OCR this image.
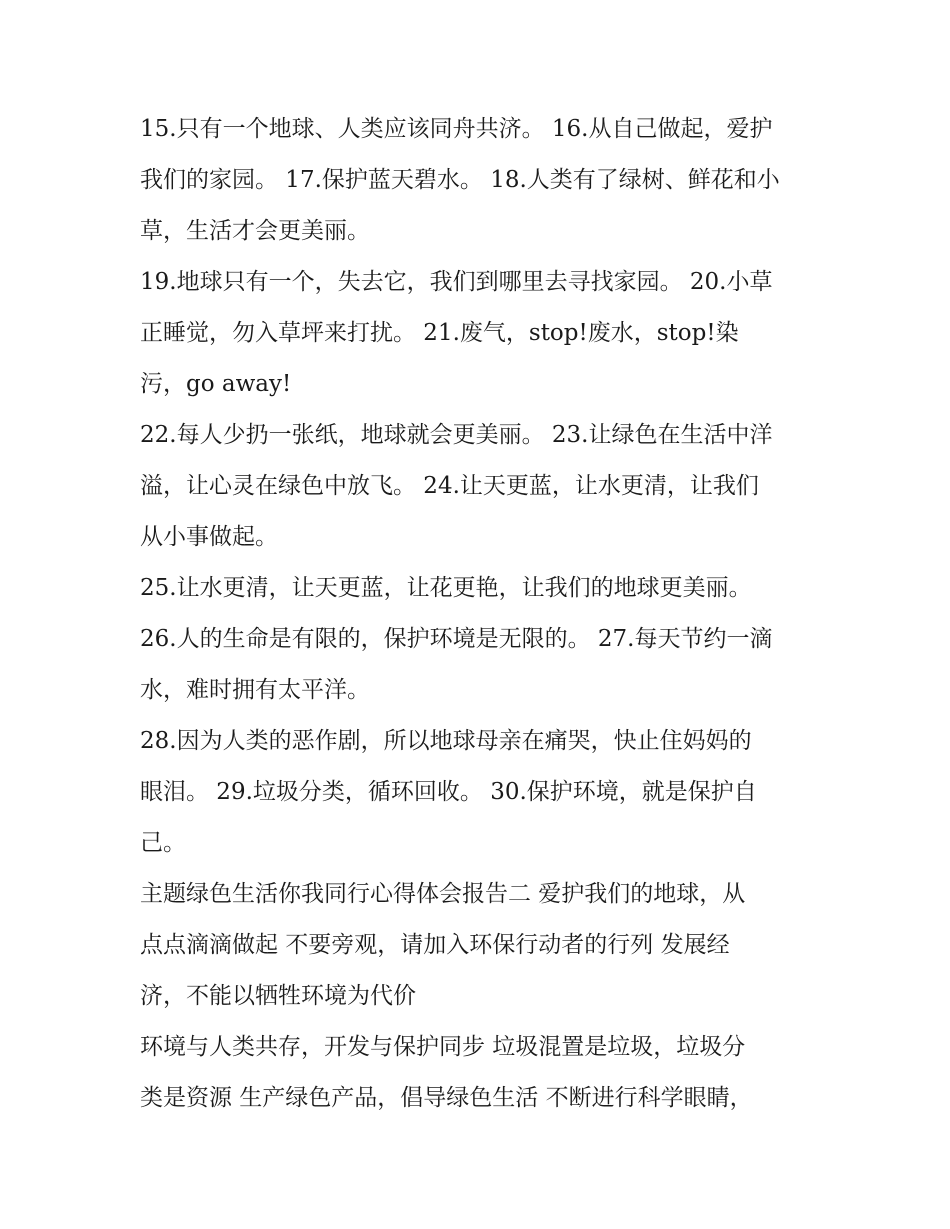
15.只有一个地球、人类应该同舟共济。 16.从自己做起，爱护
我们的家园。 17.保护蓝天碧水。 18.人类有了绿树、鲜花和小
草，生活才会更美丽。

19.地球只有一个，失去它，我们到哪里去寻找家园。 20.小草
正睡觉，勿入草坪来打扰。 21.废气，stop!废水，stop!染
污，go away!

22.每人少扔一张纸，地球就会更美丽。 23.让绿色在生活中洋
溢，让心灵在绿色中放飞。 24.让天更蓝，让水更清，让我们
从小事做起。

25.让水更清，让天更蓝，让花更艳，让我们的地球更美丽。

26.人的生命是有限的，保护环境是无限的。 27.每天节约一滴
水，难时拥有太平洋。

28.因为人类的恶作剧，所以地球母亲在痛哭，快止住妈妈的
眼泪。 29.垃圾分类，循环回收。 30.保护环境，就是保护自
己。

主题绿色生活你我同行心得体会报告二 爱护我们的地球，从
点点滴滴做起 不要旁观，请加入环保行动者的行列 发展经
济，不能以牺牲环境为代价

环境与人类共存，开发与保护同步 垃圾混置是垃圾，垃圾分
类是资源 生产绿色产品，倡导绿色生活 不断进行科学眼睛，
